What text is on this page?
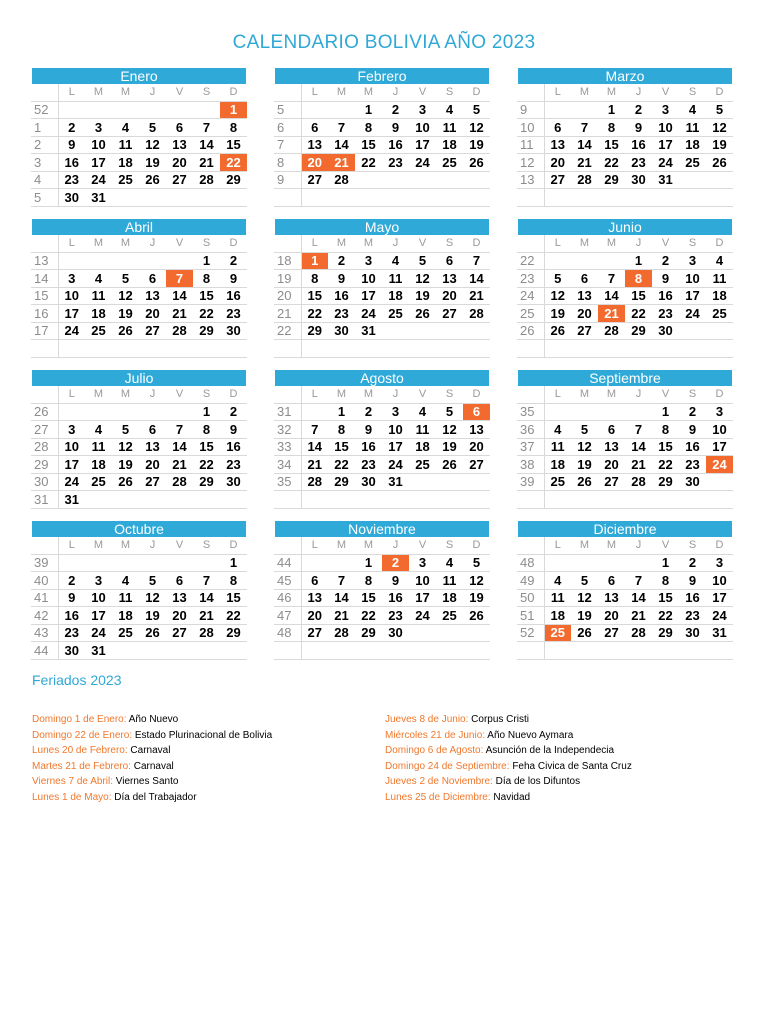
CALENDARIO BOLIVIA AÑO 2023
Enero
	L	M	M	J	V	S	D
52							1
1	2	3	4	5	6	7	8
2	9	10	11	12	13	14	15
3	16	17	18	19	20	21	22
4	23	24	25	26	27	28	29
5	30	31					
Febrero
	L	M	M	J	V	S	D
5			1	2	3	4	5
6	6	7	8	9	10	11	12
7	13	14	15	16	17	18	19
8	20	21	22	23	24	25	26
9	27	28					

Marzo
	L	M	M	J	V	S	D
9			1	2	3	4	5
10	6	7	8	9	10	11	12
11	13	14	15	16	17	18	19
12	20	21	22	23	24	25	26
13	27	28	29	30	31		

Abril
	L	M	M	J	V	S	D
13						1	2
14	3	4	5	6	7	8	9
15	10	11	12	13	14	15	16
16	17	18	19	20	21	22	23
17	24	25	26	27	28	29	30

Mayo
	L	M	M	J	V	S	D
18	1	2	3	4	5	6	7
19	8	9	10	11	12	13	14
20	15	16	17	18	19	20	21
21	22	23	24	25	26	27	28
22	29	30	31				

Junio
	L	M	M	J	V	S	D
22				1	2	3	4
23	5	6	7	8	9	10	11
24	12	13	14	15	16	17	18
25	19	20	21	22	23	24	25
26	26	27	28	29	30		

Julio
	L	M	M	J	V	S	D
26						1	2
27	3	4	5	6	7	8	9
28	10	11	12	13	14	15	16
29	17	18	19	20	21	22	23
30	24	25	26	27	28	29	30
31	31						
Agosto
	L	M	M	J	V	S	D
31		1	2	3	4	5	6
32	7	8	9	10	11	12	13
33	14	15	16	17	18	19	20
34	21	22	23	24	25	26	27
35	28	29	30	31			

Septiembre
	L	M	M	J	V	S	D
35					1	2	3
36	4	5	6	7	8	9	10
37	11	12	13	14	15	16	17
38	18	19	20	21	22	23	24
39	25	26	27	28	29	30	

Octubre
	L	M	M	J	V	S	D
39							1
40	2	3	4	5	6	7	8
41	9	10	11	12	13	14	15
42	16	17	18	19	20	21	22
43	23	24	25	26	27	28	29
44	30	31					
Noviembre
	L	M	M	J	V	S	D
44			1	2	3	4	5
45	6	7	8	9	10	11	12
46	13	14	15	16	17	18	19
47	20	21	22	23	24	25	26
48	27	28	29	30			

Diciembre
	L	M	M	J	V	S	D
48					1	2	3
49	4	5	6	7	8	9	10
50	11	12	13	14	15	16	17
51	18	19	20	21	22	23	24
52	25	26	27	28	29	30	31

Feriados 2023
Domingo 1 de Enero: Año Nuevo
Domingo 22 de Enero: Estado Plurinacional de Bolivia
Lunes 20 de Febrero: Carnaval
Martes 21 de Febrero: Carnaval
Viernes 7 de Abril: Viernes Santo
Lunes 1 de Mayo: Día del Trabajador
Jueves 8 de Junio: Corpus Cristi
Miércoles 21 de Junio: Año Nuevo Aymara
Domingo 6 de Agosto: Asunción de la Independecia
Domingo 24 de Septiembre: Feha Civica de Santa Cruz
Jueves 2 de Noviembre: Día de los Difuntos
Lunes 25 de Diciembre: Navidad
